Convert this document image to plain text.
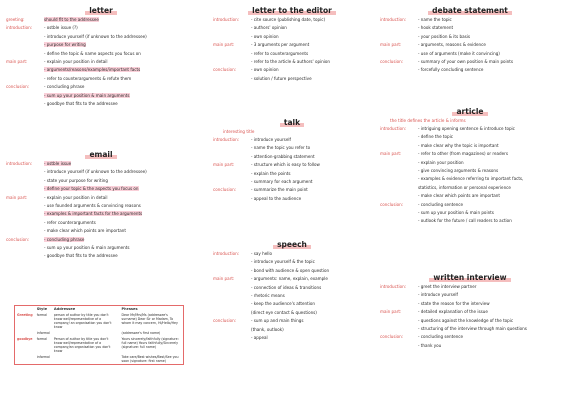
letter
greeting:	should fit to the addressee
introduction:	- ostble issue (?)
- introduce yourself (if unknown to the addressee)
- purpose for writing
- define the topic & name aspects you focus on
main part:	- explain your position in detail
- arguments/reasons/examples/important facts
- refer to counterarguments & refute them
conclusion:	- concluding phrase
- sum up your position & main arguments
- goodbye that fits to the addressee
email
introduction:	- ostble issue
- introduce yourself (if unknown to the addressee)
- state your purpose for writing
- define your topic & the aspects you focus on
main part:	- explain your position in detail
- use founded arguments & convincing reasons
- examples & important facts for the arguments
- refer counterarguments
- make clear which points are important
conclusion:	- concluding phrase
- sum up your position & main arguments
- goodbye that fits to the addressee
	Style	Addressee	Phrases
Greeting	formal	person of author by title you don't know well/representative of a company/ an organisation you don't know	Dear Mr/Mrs/Ms (addressee's surname) Dear Sir or Madam, To whom it may concern, Hi/Hello/Hey
	informal		(addressee's first name)
goodbye	formal	Person of author by title you don't know well/representative of a company/an organisation you don't know	Yours sincerely/faithfully (signature: full name) Yours faithfully/Sincerely (signature: full name)
	informal		Take care/Best wishes/Best/See you soon (signature: first name)
letter to the editor
introduction:	- cite source (publishing date, topic)
- authors' opinion
- own opinion
main part:	- 3 arguments per argument
- refer to counterarguments
- refer to the article & authors' opinion
conclusion:	- own opinion
- solution / future perspective
talk
interesting title
introduction:	- introduce yourself
- name the topic you refer to
- attention-grabbing statement
main part:	- structure which is easy to follow
- explain the points
- summary for each argument
conclusion:	- summarize the main point
- appeal to the audience
speech
introduction:	- say hello
- introduce yourself & the topic
- bond with audience & open question
main part:	- arguments: name, explain, example
- connection of ideas & transitions
- rhetoric means
- keep the audience's attention
(direct eye contact & questions)
conclusion:	- sum up and main things
(thank, outlook)
- appeal
debate statement
introduction:	- name the topic
- hook statement
- your position & its basis
main part:	- arguments, reasons & evidence
- use of arguments (make it convincing)
conclusion:	- summary of your own position & main points
- forcefully concluding sentence
article
the title defines the article & informs
introduction:	- intriguing opening sentence & introduce topic
- define the topic
- make clear why the topic is important
main part:	- refer to other (from magazines) or readers
- explain your position
- give convincing arguments & reasons
- examples & evidence referring to important facts,
statistics, information or personal experience
- make clear which points are important
conclusion:	- concluding sentence
- sum up your position & main points
- outlook for the future / call readers to action
written interview
introduction:	- greet the interview partner
- introduce yourself
- state the reason for the interview
main part:	- detailed explanation of the issue
- questions against the knowledge of the topic
- structuring of the interview through main questions
conclusion:	- concluding sentence
- thank you
